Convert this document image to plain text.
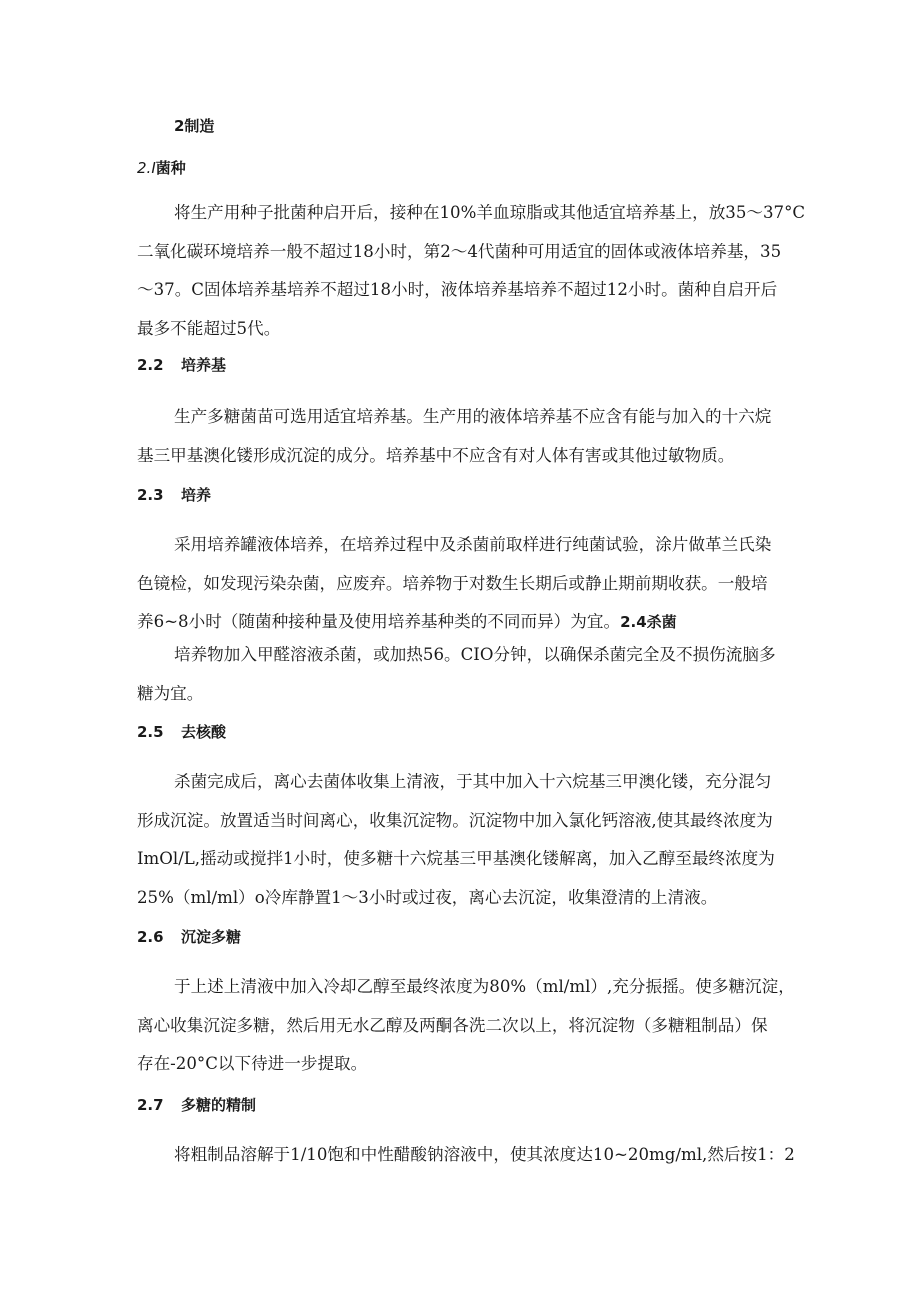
2制造
2.I菌种
将生产用种子批菌种启开后，接种在10%羊血琼脂或其他适宜培养基上，放35～37°C
二氧化碳环境培养一般不超过18小时，第2～4代菌种可用适宜的固体或液体培养基，35
～37。C固体培养基培养不超过18小时，液体培养基培养不超过12小时。菌种自启开后
最多不能超过5代。
2.2 培养基
生产多糖菌苗可选用适宜培养基。生产用的液体培养基不应含有能与加入的十六烷
基三甲基澳化镂形成沉淀的成分。培养基中不应含有对人体有害或其他过敏物质。
2.3 培养
采用培养罐液体培养，在培养过程中及杀菌前取样进行纯菌试验，涂片做革兰氏染
色镜检，如发现污染杂菌，应废弃。培养物于对数生长期后或静止期前期收获。一般培
养6~8小时（随菌种接种量及使用培养基种类的不同而异）为宜。2.4杀菌
培养物加入甲醛溶液杀菌，或加热56。CIO分钟，以确保杀菌完全及不损伤流脑多
糖为宜。
2.5 去核酸
杀菌完成后，离心去菌体收集上清液，于其中加入十六烷基三甲澳化镂，充分混匀
形成沉淀。放置适当时间离心，收集沉淀物。沉淀物中加入氯化钙溶液,使其最终浓度为
ImOl/L,摇动或搅拌1小时，使多糖十六烷基三甲基澳化镂解离，加入乙醇至最终浓度为
25%（ml∕ml）o冷库静置1～3小时或过夜，离心去沉淀，收集澄清的上清液。
2.6 沉淀多糖
于上述上清液中加入冷却乙醇至最终浓度为80%（ml/ml）,充分振摇。使多糖沉淀，
离心收集沉淀多糖，然后用无水乙醇及两酮各洗二次以上，将沉淀物（多糖粗制品）保
存在-20°C以下待进一步提取。
2.7 多糖的精制
将粗制品溶解于1/10饱和中性醋酸钠溶液中，使其浓度达10~20mg∕ml,然后按1：2
